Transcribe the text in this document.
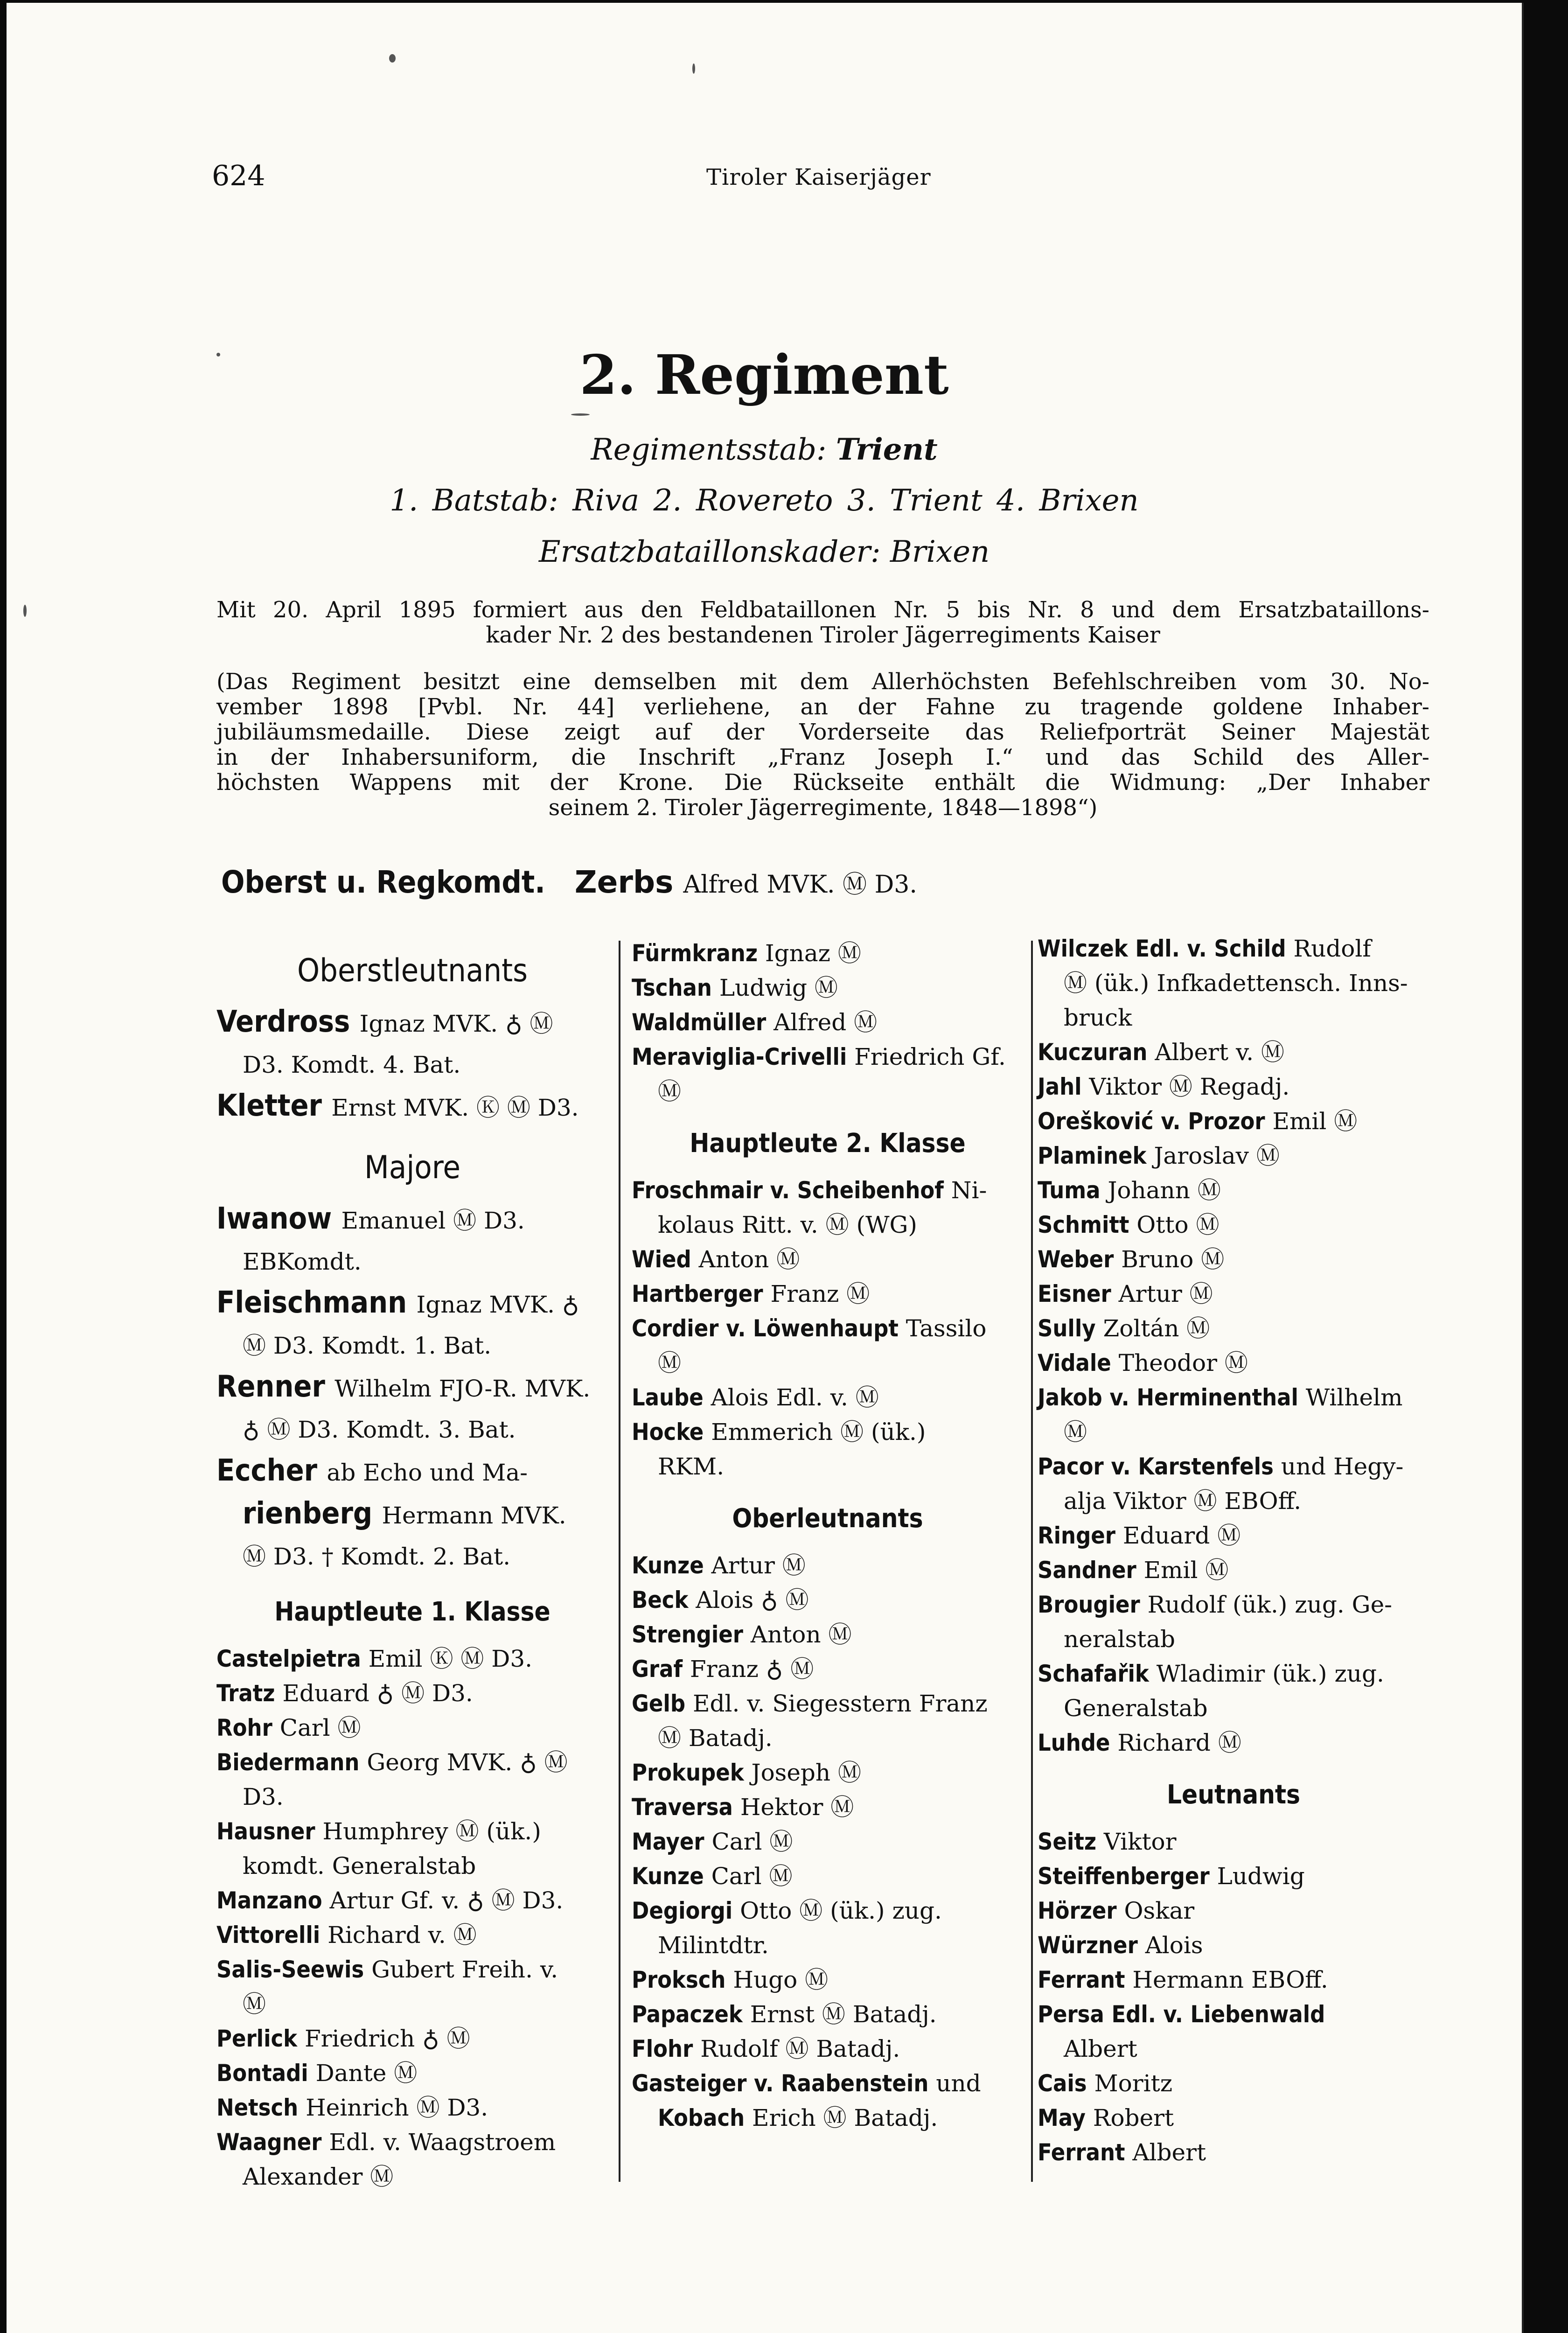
624	Tiroler Kaiserjäger
2. Regiment
Regimentsstab: Trient
1. Batstab: Riva 2. Rovereto 3. Trient 4. Brixen
Ersatzbataillonskader: Brixen
Mit 20. April 1895 formiert aus den Feldbataillonen Nr. 5 bis Nr. 8 und dem Ersatzbataillons-
kader Nr. 2 des bestandenen Tiroler Jägerregiments Kaiser
(Das Regiment besitzt eine demselben mit dem Allerhöchsten Befehlschreiben vom 30. No-
vember 1898 [Pvbl. Nr. 44] verliehene, an der Fahne zu tragende goldene Inhaber-
jubiläumsmedaille. Diese zeigt auf der Vorderseite das Reliefporträt Seiner Majestät
in der Inhabersuniform, die Inschrift „Franz Joseph I.“ und das Schild des Aller-
höchsten Wappens mit der Krone. Die Rückseite enthält die Widmung: „Der Inhaber
seinem 2. Tiroler Jägerregimente, 1848—1898“)
Oberst u. Regkomdt. Zerbs Alfred MVK. Ⓜ D3.
Oberstleutnants
Verdross Ignaz MVK. ♁ Ⓜ
D3. Komdt. 4. Bat.
Kletter Ernst MVK. Ⓚ Ⓜ D3.
Majore
Iwanow Emanuel Ⓜ D3.
EBKomdt.
Fleischmann Ignaz MVK. ♁
Ⓜ D3. Komdt. 1. Bat.
Renner Wilhelm FJO-R. MVK.
♁ Ⓜ D3. Komdt. 3. Bat.
Eccher ab Echo und Ma-
rienberg Hermann MVK.
Ⓜ D3. † Komdt. 2. Bat.
Hauptleute 1. Klasse
Castelpietra Emil Ⓚ Ⓜ D3.
Tratz Eduard ♁ Ⓜ D3.
Rohr Carl Ⓜ
Biedermann Georg MVK. ♁ Ⓜ
D3.
Hausner Humphrey Ⓜ (ük.)
komdt. Generalstab
Manzano Artur Gf. v. ♁ Ⓜ D3.
Vittorelli Richard v. Ⓜ
Salis-Seewis Gubert Freih. v.
Ⓜ
Perlick Friedrich ♁ Ⓜ
Bontadi Dante Ⓜ
Netsch Heinrich Ⓜ D3.
Waagner Edl. v. Waagstroem
Alexander Ⓜ
Fürmkranz Ignaz Ⓜ
Tschan Ludwig Ⓜ
Waldmüller Alfred Ⓜ
Meraviglia-Crivelli Friedrich Gf.
Ⓜ
Hauptleute 2. Klasse
Froschmair v. Scheibenhof Ni-
kolaus Ritt. v. Ⓜ (WG)
Wied Anton Ⓜ
Hartberger Franz Ⓜ
Cordier v. Löwenhaupt Tassilo
Ⓜ
Laube Alois Edl. v. Ⓜ
Hocke Emmerich Ⓜ (ük.)
RKM.
Oberleutnants
Kunze Artur Ⓜ
Beck Alois ♁ Ⓜ
Strengier Anton Ⓜ
Graf Franz ♁ Ⓜ
Gelb Edl. v. Siegesstern Franz
Ⓜ Batadj.
Prokupek Joseph Ⓜ
Traversa Hektor Ⓜ
Mayer Carl Ⓜ
Kunze Carl Ⓜ
Degiorgi Otto Ⓜ (ük.) zug.
Milintdtr.
Proksch Hugo Ⓜ
Papaczek Ernst Ⓜ Batadj.
Flohr Rudolf Ⓜ Batadj.
Gasteiger v. Raabenstein und
Kobach Erich Ⓜ Batadj.
Wilczek Edl. v. Schild Rudolf
Ⓜ (ük.) Infkadettensch. Inns-
bruck
Kuczuran Albert v. Ⓜ
Jahl Viktor Ⓜ Regadj.
Orešković v. Prozor Emil Ⓜ
Plaminek Jaroslav Ⓜ
Tuma Johann Ⓜ
Schmitt Otto Ⓜ
Weber Bruno Ⓜ
Eisner Artur Ⓜ
Sully Zoltán Ⓜ
Vidale Theodor Ⓜ
Jakob v. Herminenthal Wilhelm
Ⓜ
Pacor v. Karstenfels und Hegy-
alja Viktor Ⓜ EBOff.
Ringer Eduard Ⓜ
Sandner Emil Ⓜ
Brougier Rudolf (ük.) zug. Ge-
neralstab
Schafařik Wladimir (ük.) zug.
Generalstab
Luhde Richard Ⓜ
Leutnants
Seitz Viktor
Steiffenberger Ludwig
Hörzer Oskar
Würzner Alois
Ferrant Hermann EBOff.
Persa Edl. v. Liebenwald
Albert
Cais Moritz
May Robert
Ferrant Albert
